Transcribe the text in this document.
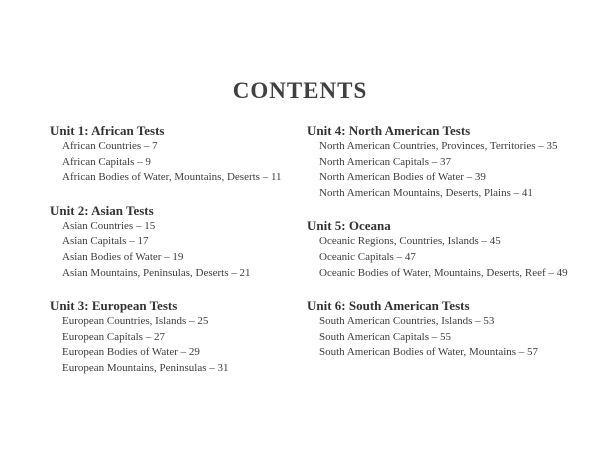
CONTENTS
Unit 1: African Tests
African Countries – 7
African Capitals – 9
African Bodies of Water, Mountains, Deserts – 11
Unit 2: Asian Tests
Asian Countries – 15
Asian Capitals – 17
Asian Bodies of Water – 19
Asian Mountains, Peninsulas, Deserts – 21
Unit 3: European Tests
European Countries, Islands – 25
European Capitals – 27
European Bodies of Water – 29
European Mountains, Peninsulas – 31
Unit 4: North American Tests
North American Countries, Provinces, Territories – 35
North American Capitals – 37
North American Bodies of Water – 39
North American Mountains, Deserts, Plains – 41
Unit 5: Oceana
Oceanic Regions, Countries, Islands – 45
Oceanic Capitals – 47
Oceanic Bodies of Water, Mountains, Deserts, Reef – 49
Unit 6: South American Tests
South American Countries, Islands – 53
South American Capitals – 55
South American Bodies of Water, Mountains – 57
